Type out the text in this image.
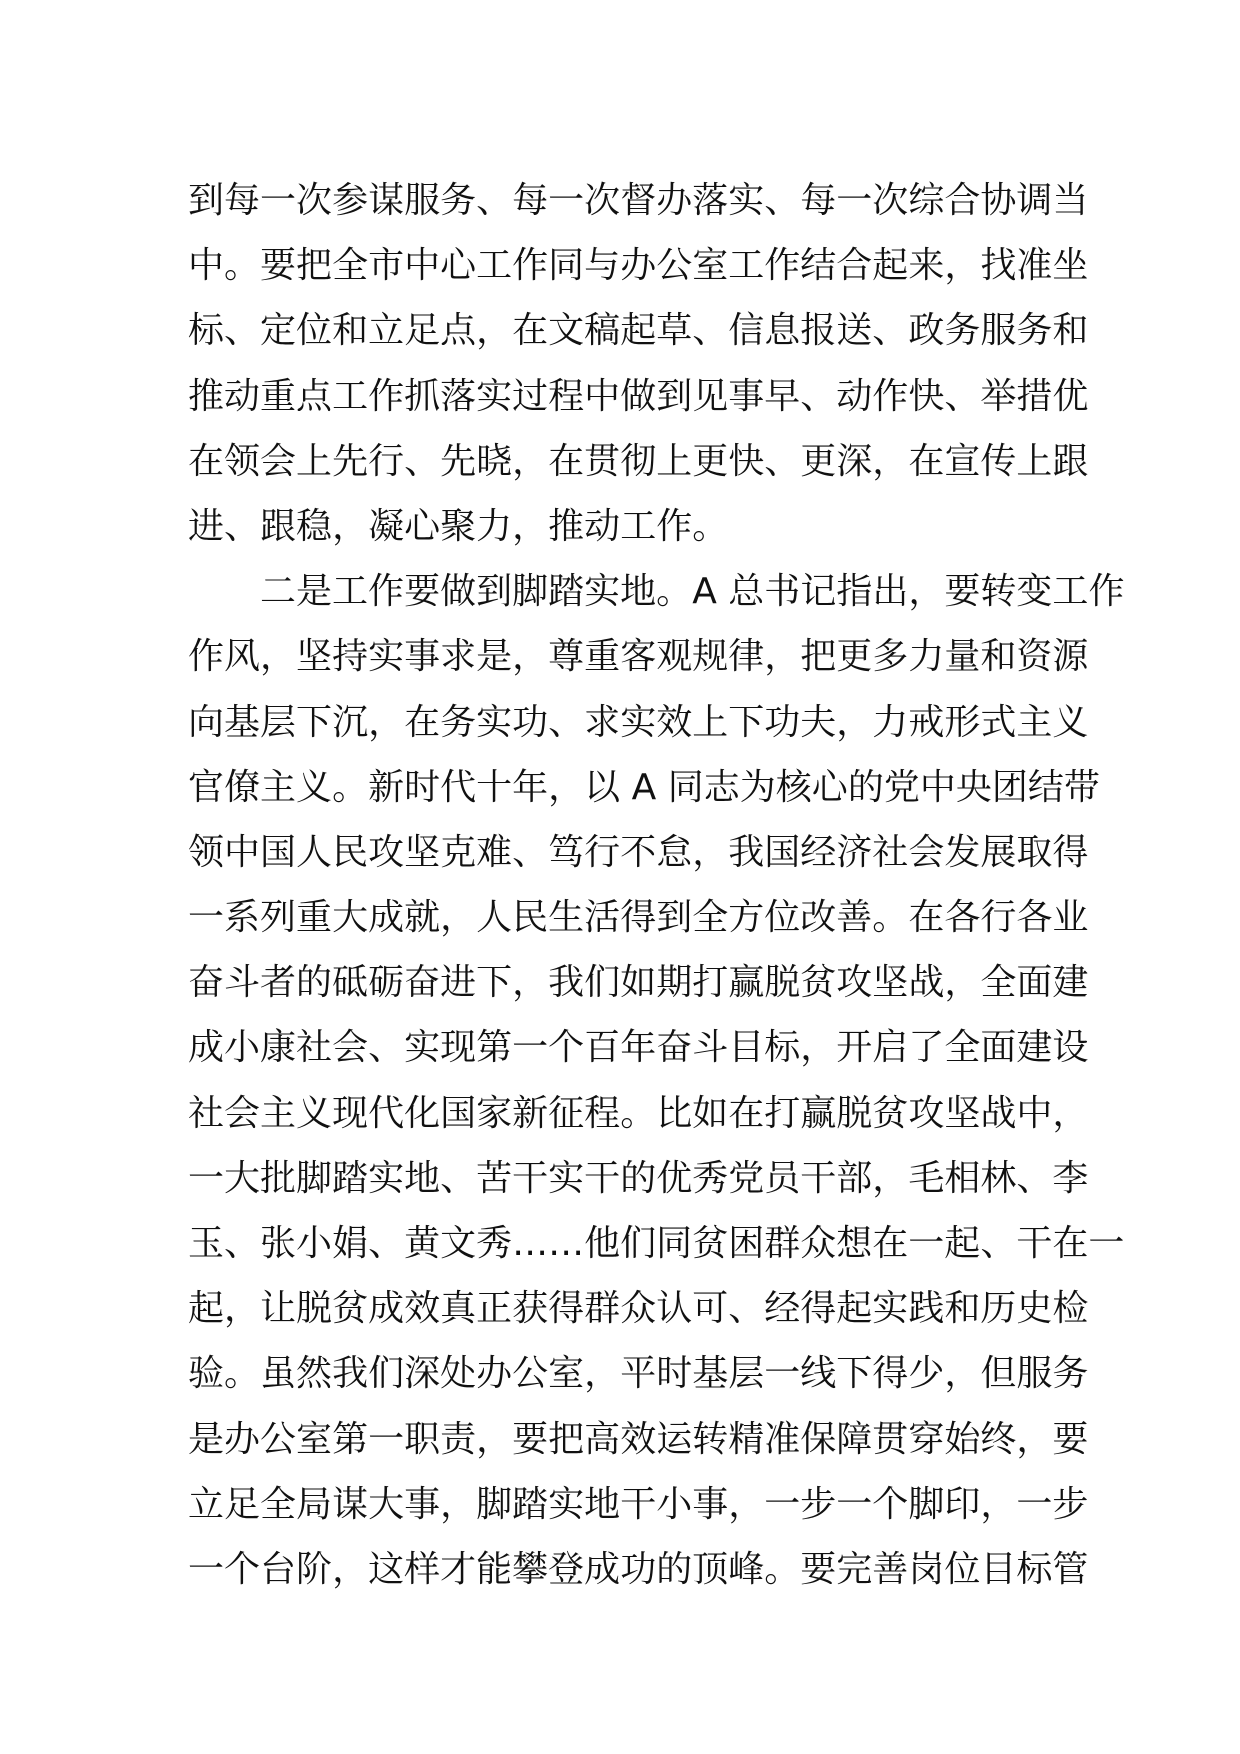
到 每 一 次 参 谋 服 务 、 每 一 次 督 办 落 实 、 每 一 次 综 合 协 调 当
中 。 要 把 全 市 中 心 工 作 同 与 办 公 室 工 作 结 合 起 来 ， 找 准 坐
标 、 定 位 和 立 足 点 ， 在 文 稿 起 草 、 信 息 报 送 、 政 务 服 务 和
推 动 重 点 工 作 抓 落 实 过 程 中 做 到 见 事 早 、 动 作 快 、 举 措 优
在 领 会 上 先 行 、 先 晓 ， 在 贯 彻 上 更 快 、 更 深 ， 在 宣 传 上 跟
进 、 跟 稳 ， 凝 心 聚 力 ， 推 动 工 作 。
二 是 工 作 要 做 到 脚 踏 实 地 。 A
总 书 记 指 出 ， 要 转 变 工 作
作 风 ， 坚 持 实 事 求 是 ， 尊 重 客 观 规 律 ， 把 更 多 力 量 和 资 源
向 基 层 下 沉 ， 在 务 实 功 、 求 实 效 上 下 功 夫 ， 力 戒 形 式 主 义
官 僚 主 义 。 新 时 代 十 年 ， 以
A
同 志 为 核 心 的 党 中 央 团 结 带
领 中 国 人 民 攻 坚 克 难 、 笃 行 不 怠 ， 我 国 经 济 社 会 发 展 取 得
一 系 列 重 大 成 就 ， 人 民 生 活 得 到 全 方 位 改 善 。 在 各 行 各 业
奋 斗 者 的 砥 砺 奋 进 下 ， 我 们 如 期 打 赢 脱 贫 攻 坚 战 ， 全 面 建
成 小 康 社 会 、 实 现 第 一 个 百 年 奋 斗 目 标 ， 开 启 了 全 面 建 设
社 会 主 义 现 代 化 国 家 新 征 程 。 比 如 在 打 赢 脱 贫 攻 坚 战 中 ，
一 大 批 脚 踏 实 地 、 苦 干 实 干 的 优 秀 党 员 干 部 ， 毛 相 林 、 李
玉 、 张 小 娟 、 黄 文 秀 … … 他 们 同 贫 困 群 众 想 在 一 起 、 干 在 一
起 ， 让 脱 贫 成 效 真 正 获 得 群 众 认 可 、 经 得 起 实 践 和 历 史 检
验 。 虽 然 我 们 深 处 办 公 室 ， 平 时 基 层 一 线 下 得 少 ， 但 服 务
是 办 公 室 第 一 职 责 ， 要 把 高 效 运 转 精 准 保 障 贯 穿 始 终 ， 要
立 足 全 局 谋 大 事 ， 脚 踏 实 地 干 小 事 ， 一 步 一 个 脚 印 ， 一 步
一 个 台 阶 ， 这 样 才 能 攀 登 成 功 的 顶 峰 。 要 完 善 岗 位 目 标 管
